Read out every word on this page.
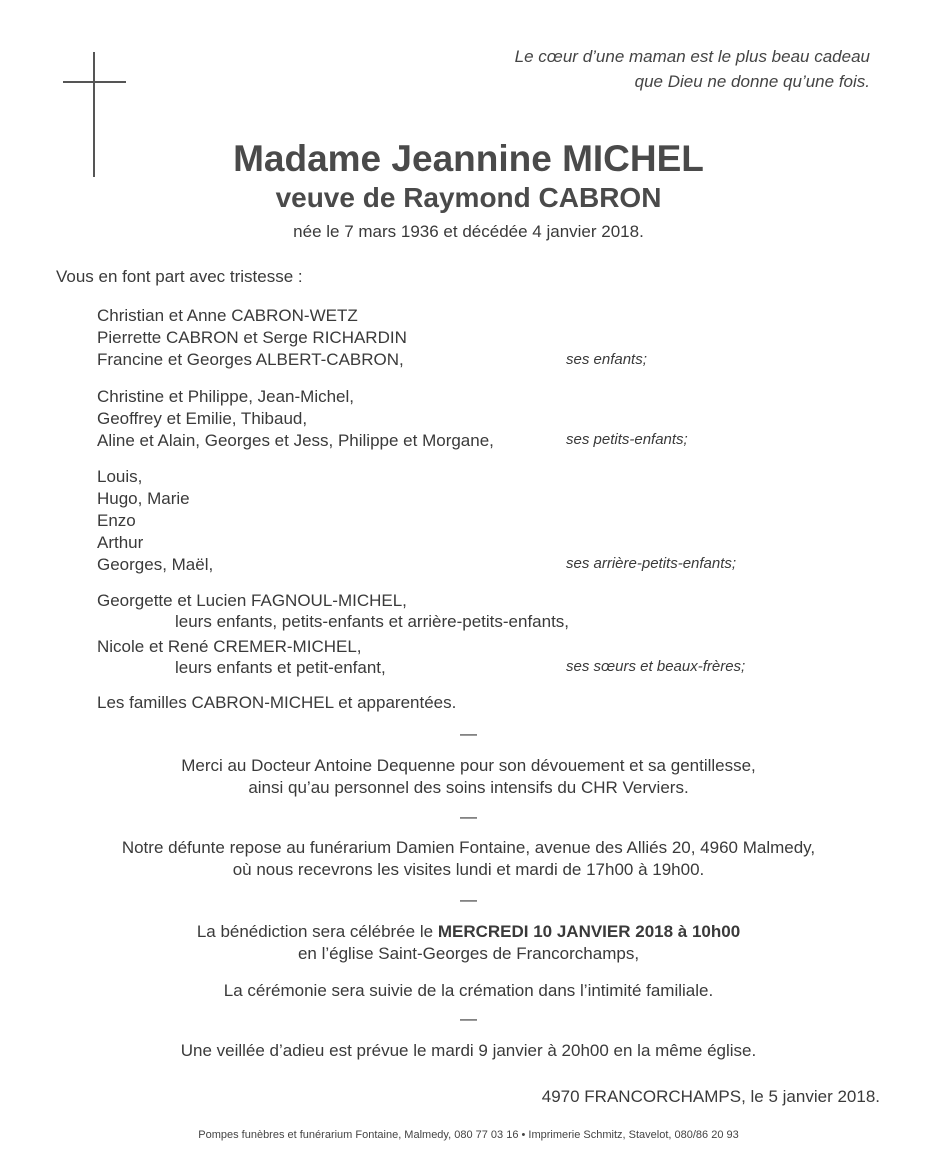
Le cœur d’une maman est le plus beau cadeau
que Dieu ne donne qu’une fois.
Madame Jeannine MICHEL
veuve de Raymond CABRON
née le 7 mars 1936 et décédée 4 janvier 2018.
Vous en font part avec tristesse :
Christian et Anne CABRON-WETZ
Pierrette CABRON et Serge RICHARDIN
Francine et Georges ALBERT-CABRON,	ses enfants;
Christine et Philippe, Jean-Michel,
Geoffrey et Emilie, Thibaud,
Aline et Alain, Georges et Jess, Philippe et Morgane,	ses petits-enfants;
Louis,
Hugo, Marie
Enzo
Arthur
Georges, Maël,	ses arrière-petits-enfants;
Georgette et Lucien FAGNOUL-MICHEL,
leurs enfants, petits-enfants et arrière-petits-enfants,
Nicole et René CREMER-MICHEL,
leurs enfants et petit-enfant,	ses sœurs et beaux-frères;
Les familles CABRON-MICHEL et apparentées.
—
Merci au Docteur Antoine Dequenne pour son dévouement et sa gentillesse,
ainsi qu’au personnel des soins intensifs du CHR Verviers.
—
Notre défunte repose au funérarium Damien Fontaine, avenue des Alliés 20, 4960 Malmedy,
où nous recevrons les visites lundi et mardi de 17h00 à 19h00.
—
La bénédiction sera célébrée le MERCREDI 10 JANVIER 2018 à 10h00
en l’église Saint-Georges de Francorchamps,
La cérémonie sera suivie de la crémation dans l’intimité familiale.
—
Une veillée d’adieu est prévue le mardi 9 janvier à 20h00 en la même église.
4970 FRANCORCHAMPS, le 5 janvier 2018.
Pompes funèbres et funérarium Fontaine, Malmedy, 080 77 03 16 • Imprimerie Schmitz, Stavelot, 080/86 20 93
